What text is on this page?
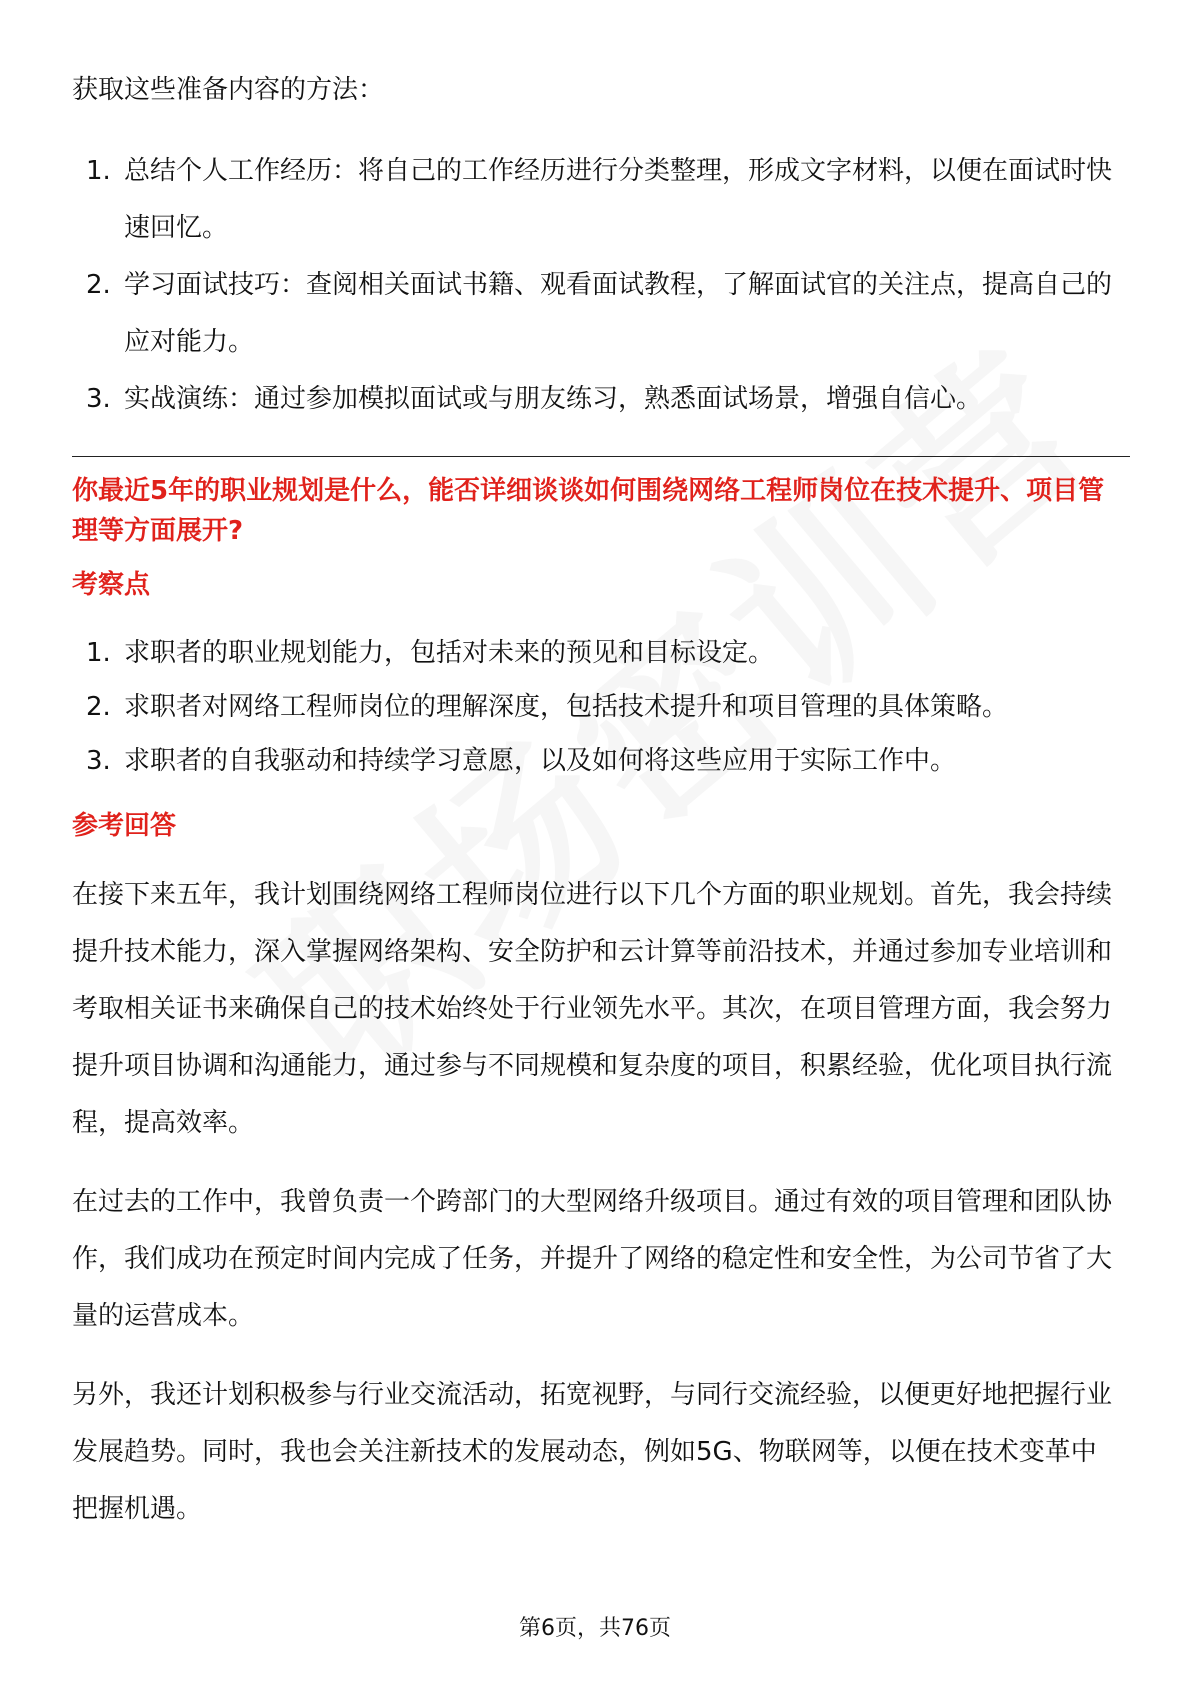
获取这些准备内容的方法：

1. 总结个人工作经历：将自己的工作经历进行分类整理，形成文字材料，以便在面试时快速回忆。
2. 学习面试技巧：查阅相关面试书籍、观看面试教程，了解面试官的关注点，提高自己的应对能力。
3. 实战演练：通过参加模拟面试或与朋友练习，熟悉面试场景，增强自信心。

你最近5年的职业规划是什么，能否详细谈谈如何围绕网络工程师岗位在技术提升、项目管理等方面展开?

考察点

1. 求职者的职业规划能力，包括对未来的预见和目标设定。
2. 求职者对网络工程师岗位的理解深度，包括技术提升和项目管理的具体策略。
3. 求职者的自我驱动和持续学习意愿，以及如何将这些应用于实际工作中。

参考回答

在接下来五年，我计划围绕网络工程师岗位进行以下几个方面的职业规划。首先，我会持续提升技术能力，深入掌握网络架构、安全防护和云计算等前沿技术，并通过参加专业培训和考取相关证书来确保自己的技术始终处于行业领先水平。其次，在项目管理方面，我会努力提升项目协调和沟通能力，通过参与不同规模和复杂度的项目，积累经验，优化项目执行流程，提高效率。

在过去的工作中，我曾负责一个跨部门的大型网络升级项目。通过有效的项目管理和团队协作，我们成功在预定时间内完成了任务，并提升了网络的稳定性和安全性，为公司节省了大量的运营成本。

另外，我还计划积极参与行业交流活动，拓宽视野，与同行交流经验，以便更好地把握行业发展趋势。同时，我也会关注新技术的发展动态，例如5G、物联网等，以便在技术变革中把握机遇。

第6页，共76页
